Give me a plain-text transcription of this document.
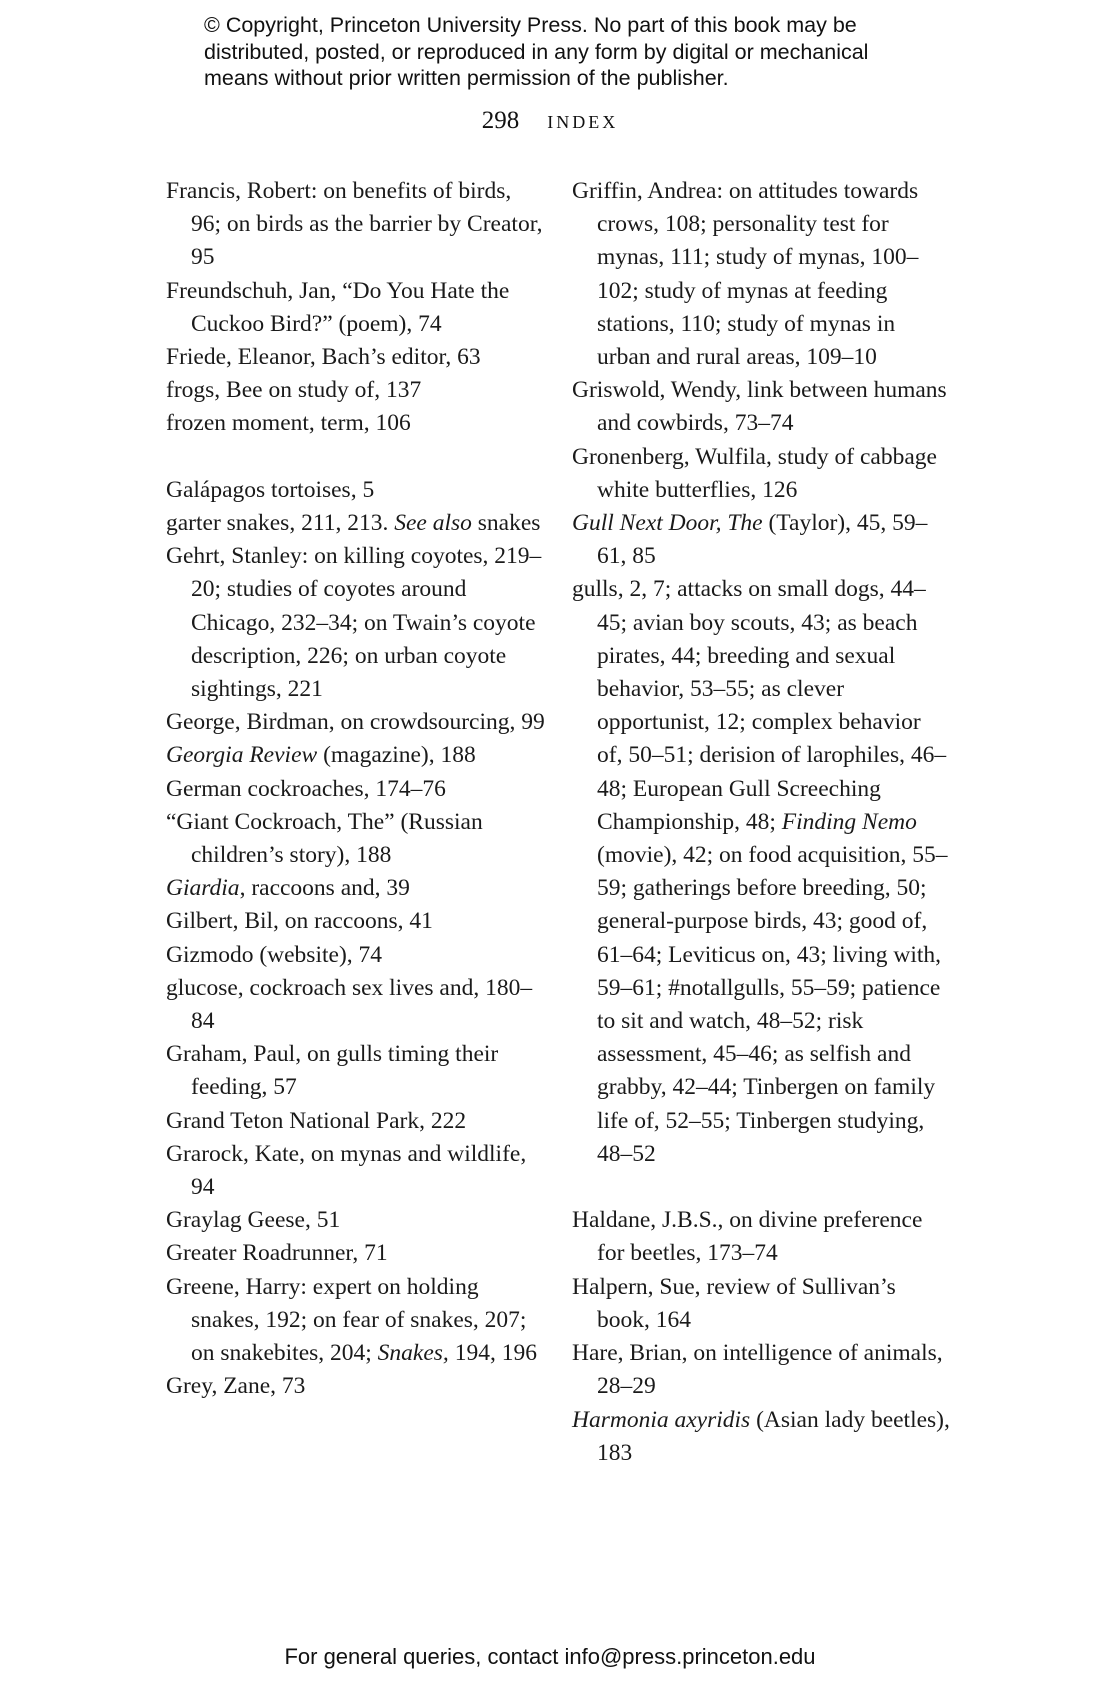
© Copyright, Princeton University Press. No part of this book may be distributed, posted, or reproduced in any form by digital or mechanical means without prior written permission of the publisher.

298 INDEX
Francis, Robert: on benefits of birds, 96; on birds as the barrier by Creator, 95
Freundschuh, Jan, “Do You Hate the Cuckoo Bird?” (poem), 74
Friede, Eleanor, Bach’s editor, 63
frogs, Bee on study of, 137
frozen moment, term, 106
Galápagos tortoises, 5
garter snakes, 211, 213. See also snakes
Gehrt, Stanley: on killing coyotes, 219–20; studies of coyotes around Chicago, 232–34; on Twain’s coyote description, 226; on urban coyote sightings, 221
George, Birdman, on crowdsourcing, 99
Georgia Review (magazine), 188
German cockroaches, 174–76
“Giant Cockroach, The” (Russian children’s story), 188
Giardia, raccoons and, 39
Gilbert, Bil, on raccoons, 41
Gizmodo (website), 74
glucose, cockroach sex lives and, 180–84
Graham, Paul, on gulls timing their feeding, 57
Grand Teton National Park, 222
Grarock, Kate, on mynas and wildlife, 94
Graylag Geese, 51
Greater Roadrunner, 71
Greene, Harry: expert on holding snakes, 192; on fear of snakes, 207; on snakebites, 204; Snakes, 194, 196
Grey, Zane, 73
Griffin, Andrea: on attitudes towards crows, 108; personality test for mynas, 111; study of mynas, 100–102; study of mynas at feeding stations, 110; study of mynas in urban and rural areas, 109–10
Griswold, Wendy, link between humans and cowbirds, 73–74
Gronenberg, Wulfila, study of cabbage white butterflies, 126
Gull Next Door, The (Taylor), 45, 59–61, 85
gulls, 2, 7; attacks on small dogs, 44–45; avian boy scouts, 43; as beach pirates, 44; breeding and sexual behavior, 53–55; as clever opportunist, 12; complex behavior of, 50–51; derision of larophiles, 46–48; European Gull Screeching Championship, 48; Finding Nemo (movie), 42; on food acquisition, 55–59; gatherings before breeding, 50; general-purpose birds, 43; good of, 61–64; Leviticus on, 43; living with, 59–61; #notallgulls, 55–59; patience to sit and watch, 48–52; risk assessment, 45–46; as selfish and grabby, 42–44; Tinbergen on family life of, 52–55; Tinbergen studying, 48–52
Haldane, J.B.S., on divine preference for beetles, 173–74
Halpern, Sue, review of Sullivan’s book, 164
Hare, Brian, on intelligence of animals, 28–29
Harmonia axyridis (Asian lady beetles), 183
For general queries, contact info@press.princeton.edu
